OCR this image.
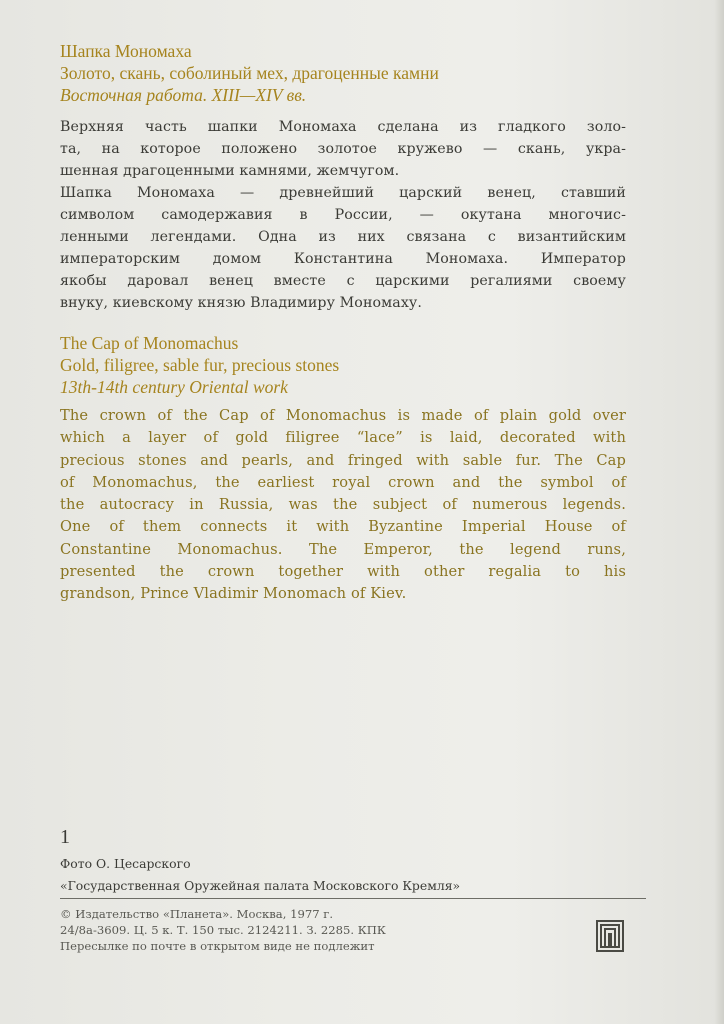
Шапка Мономаха
Золото, скань, соболиный мех, драгоценные камни
Восточная работа. XIII—XIV вв.
Верхняя часть шапки Мономаха сделана из гладкого золо-
та, на которое положено золотое кружево — скань, укра-
шенная драгоценными камнями, жемчугом.
Шапка Мономаха — древнейший царский венец, ставший
символом самодержавия в России, — окутана многочис-
ленными легендами. Одна из них связана с византийским
императорским домом Константина Мономаха. Император
якобы даровал венец вместе с царскими регалиями своему
внуку, киевскому князю Владимиру Мономаху.
The Cap of Monomachus
Gold, filigree, sable fur, precious stones
13th-14th century Oriental work
The crown of the Cap of Monomachus is made of plain gold over
which a layer of gold filigree “lace” is laid, decorated with
precious stones and pearls, and fringed with sable fur. The Cap
of Monomachus, the earliest royal crown and the symbol of
the autocracy in Russia, was the subject of numerous legends.
One of them connects it with Byzantine Imperial House of
Constantine Monomachus. The Emperor, the legend runs,
presented the crown together with other regalia to his
grandson, Prince Vladimir Monomach of Kiev.
1
Фото О. Цесарского
«Государственная Оружейная палата Московского Кремля»
© Издательство «Планета». Москва, 1977 г.
24/8а-3609. Ц. 5 к. Т. 150 тыс. 2124211. З. 2285. КПК
Пересылке по почте в открытом виде не подлежит
